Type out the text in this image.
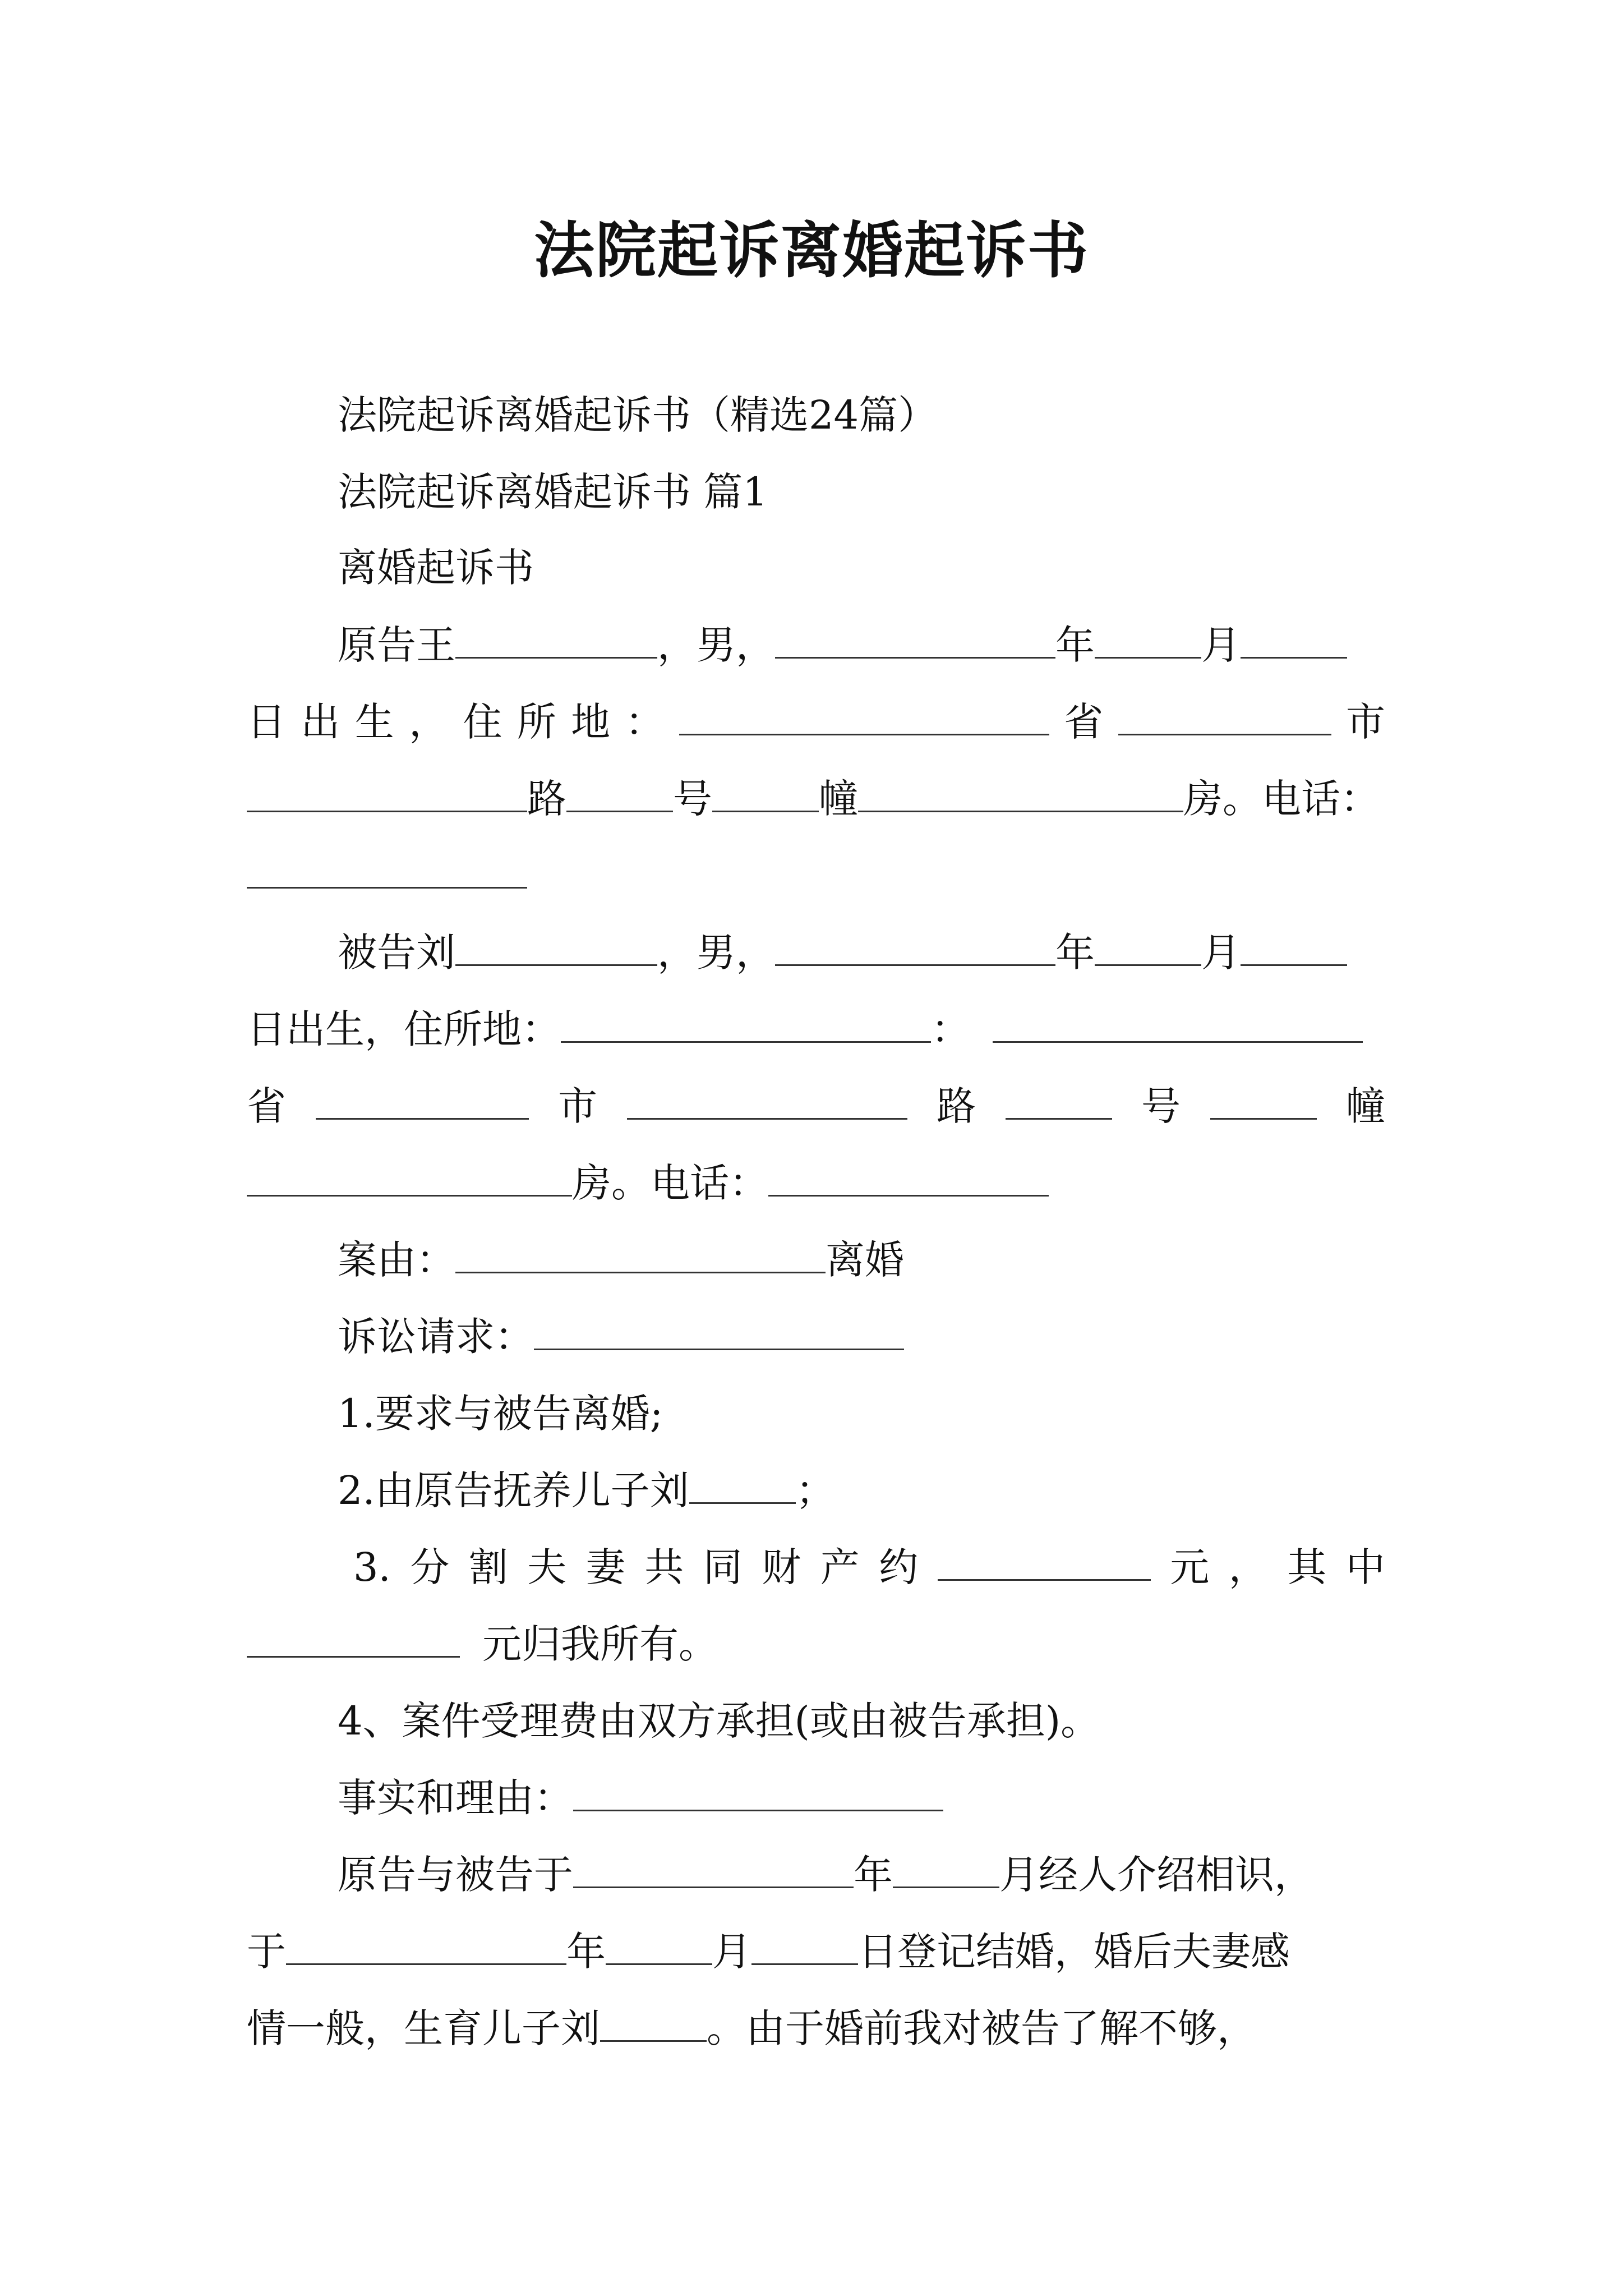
法院起诉离婚起诉书
法院起诉离婚起诉书（精选24篇）
法院起诉离婚起诉书 篇1
离婚起诉书
原告王	，男，	年	月
日 出 生 ， 住 所 地 ：	省	市
路	号	幢	房。电话：
被告刘	，男，	年	月
日出生，住所地：	：
省	市	路	号	幢
房。电话：
案由：	离婚
诉讼请求：
1.要求与被告离婚;
2.由原告抚养儿子刘	；
3. 分 割 夫 妻 共 同 财 产 约	元 ， 其 中
元归我所有。
4、案件受理费由双方承担(或由被告承担)。
事实和理由：
原告与被告于	年	月经人介绍相识，
于	年	月	日登记结婚，婚后夫妻感
情一般，生育儿子刘	。由于婚前我对被告了解不够，
